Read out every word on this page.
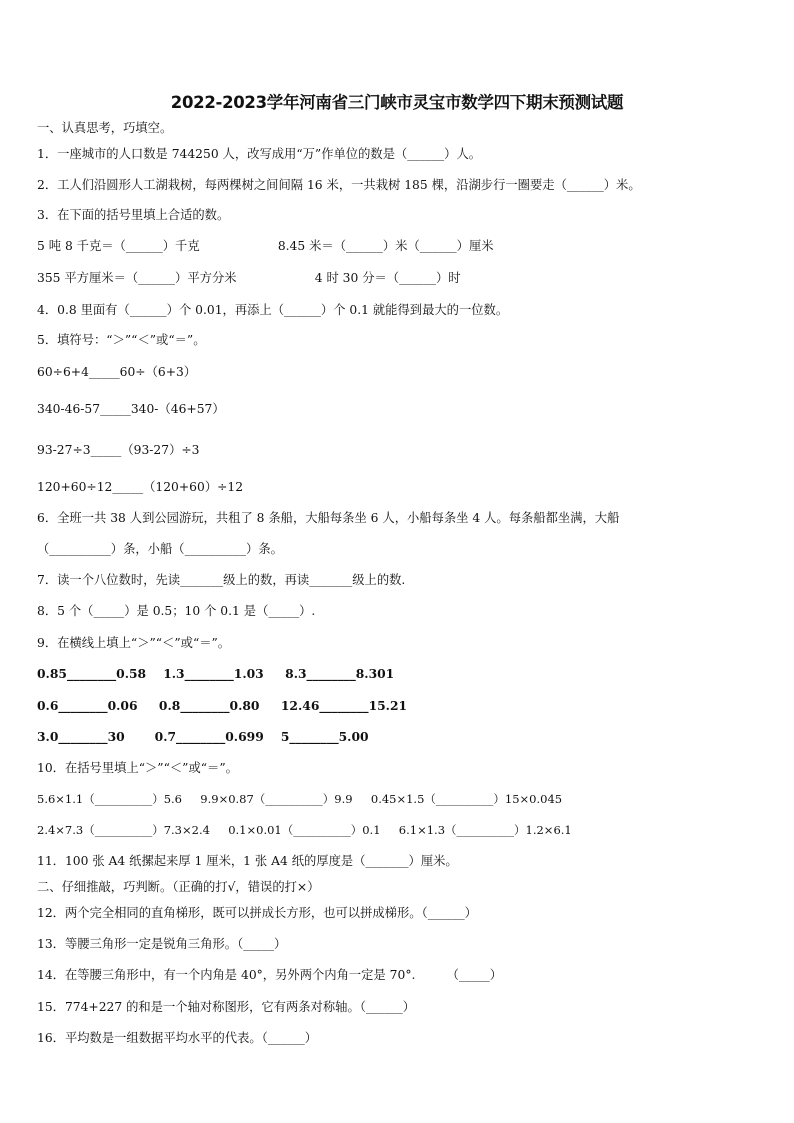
2022-2023学年河南省三门峡市灵宝市数学四下期末预测试题
一、认真思考，巧填空。
1．一座城市的人口数是 744250 人，改写成用“万”作单位的数是（______）人。
2．工人们沿圆形人工湖栽树，每两棵树之间间隔 16 米，一共栽树 185 棵，沿湖步行一圈要走（______）米。
3．在下面的括号里填上合适的数。
5 吨 8 千克＝（______）千克                    8.45 米＝（______）米（______）厘米
355 平方厘米＝（______）平方分米                    4 时 30 分＝（______）时
4．0.8 里面有（______）个 0.01，再添上（______）个 0.1 就能得到最大的一位数。
5．填符号：“＞”“＜”或“＝”。
60÷6+4_____60÷（6+3）
340-46-57_____340-（46+57）
93-27÷3_____（93-27）÷3
120+60÷12_____（120+60）÷12
6．全班一共 38 人到公园游玩，共租了 8 条船，大船每条坐 6 人，小船每条坐 4 人。每条船都坐满，大船
（__________）条，小船（__________）条。
7．读一个八位数时，先读_______级上的数，再读_______级上的数.
8．5 个（_____）是 0.5；10 个 0.1 是（_____）.
9．在横线上填上“＞”“＜”或“＝”。
0.85________0.58    1.3________1.03     8.3________8.301
0.6________0.06     0.8________0.80     12.46________15.21
3.0________30       0.7________0.699    5________5.00
10．在括号里填上“＞”“＜”或“＝”。
5.6×1.1（__________）5.6     9.9×0.87（__________）9.9     0.45×1.5（__________）15×0.045
2.4×7.3（__________）7.3×2.4     0.1×0.01（__________）0.1     6.1×1.3（__________）1.2×6.1
11．100 张 A4 纸摞起来厚 1 厘米，1 张 A4 纸的厚度是（_______）厘米。
二、仔细推敲，巧判断。（正确的打√，错误的打×）
12．两个完全相同的直角梯形，既可以拼成长方形，也可以拼成梯形。（______）
13．等腰三角形一定是锐角三角形。（_____）
14．在等腰三角形中，有一个内角是 40°，另外两个内角一定是 70°.        （_____）
15．774+227 的和是一个轴对称图形，它有两条对称轴。（______）
16．平均数是一组数据平均水平的代表。（______）
